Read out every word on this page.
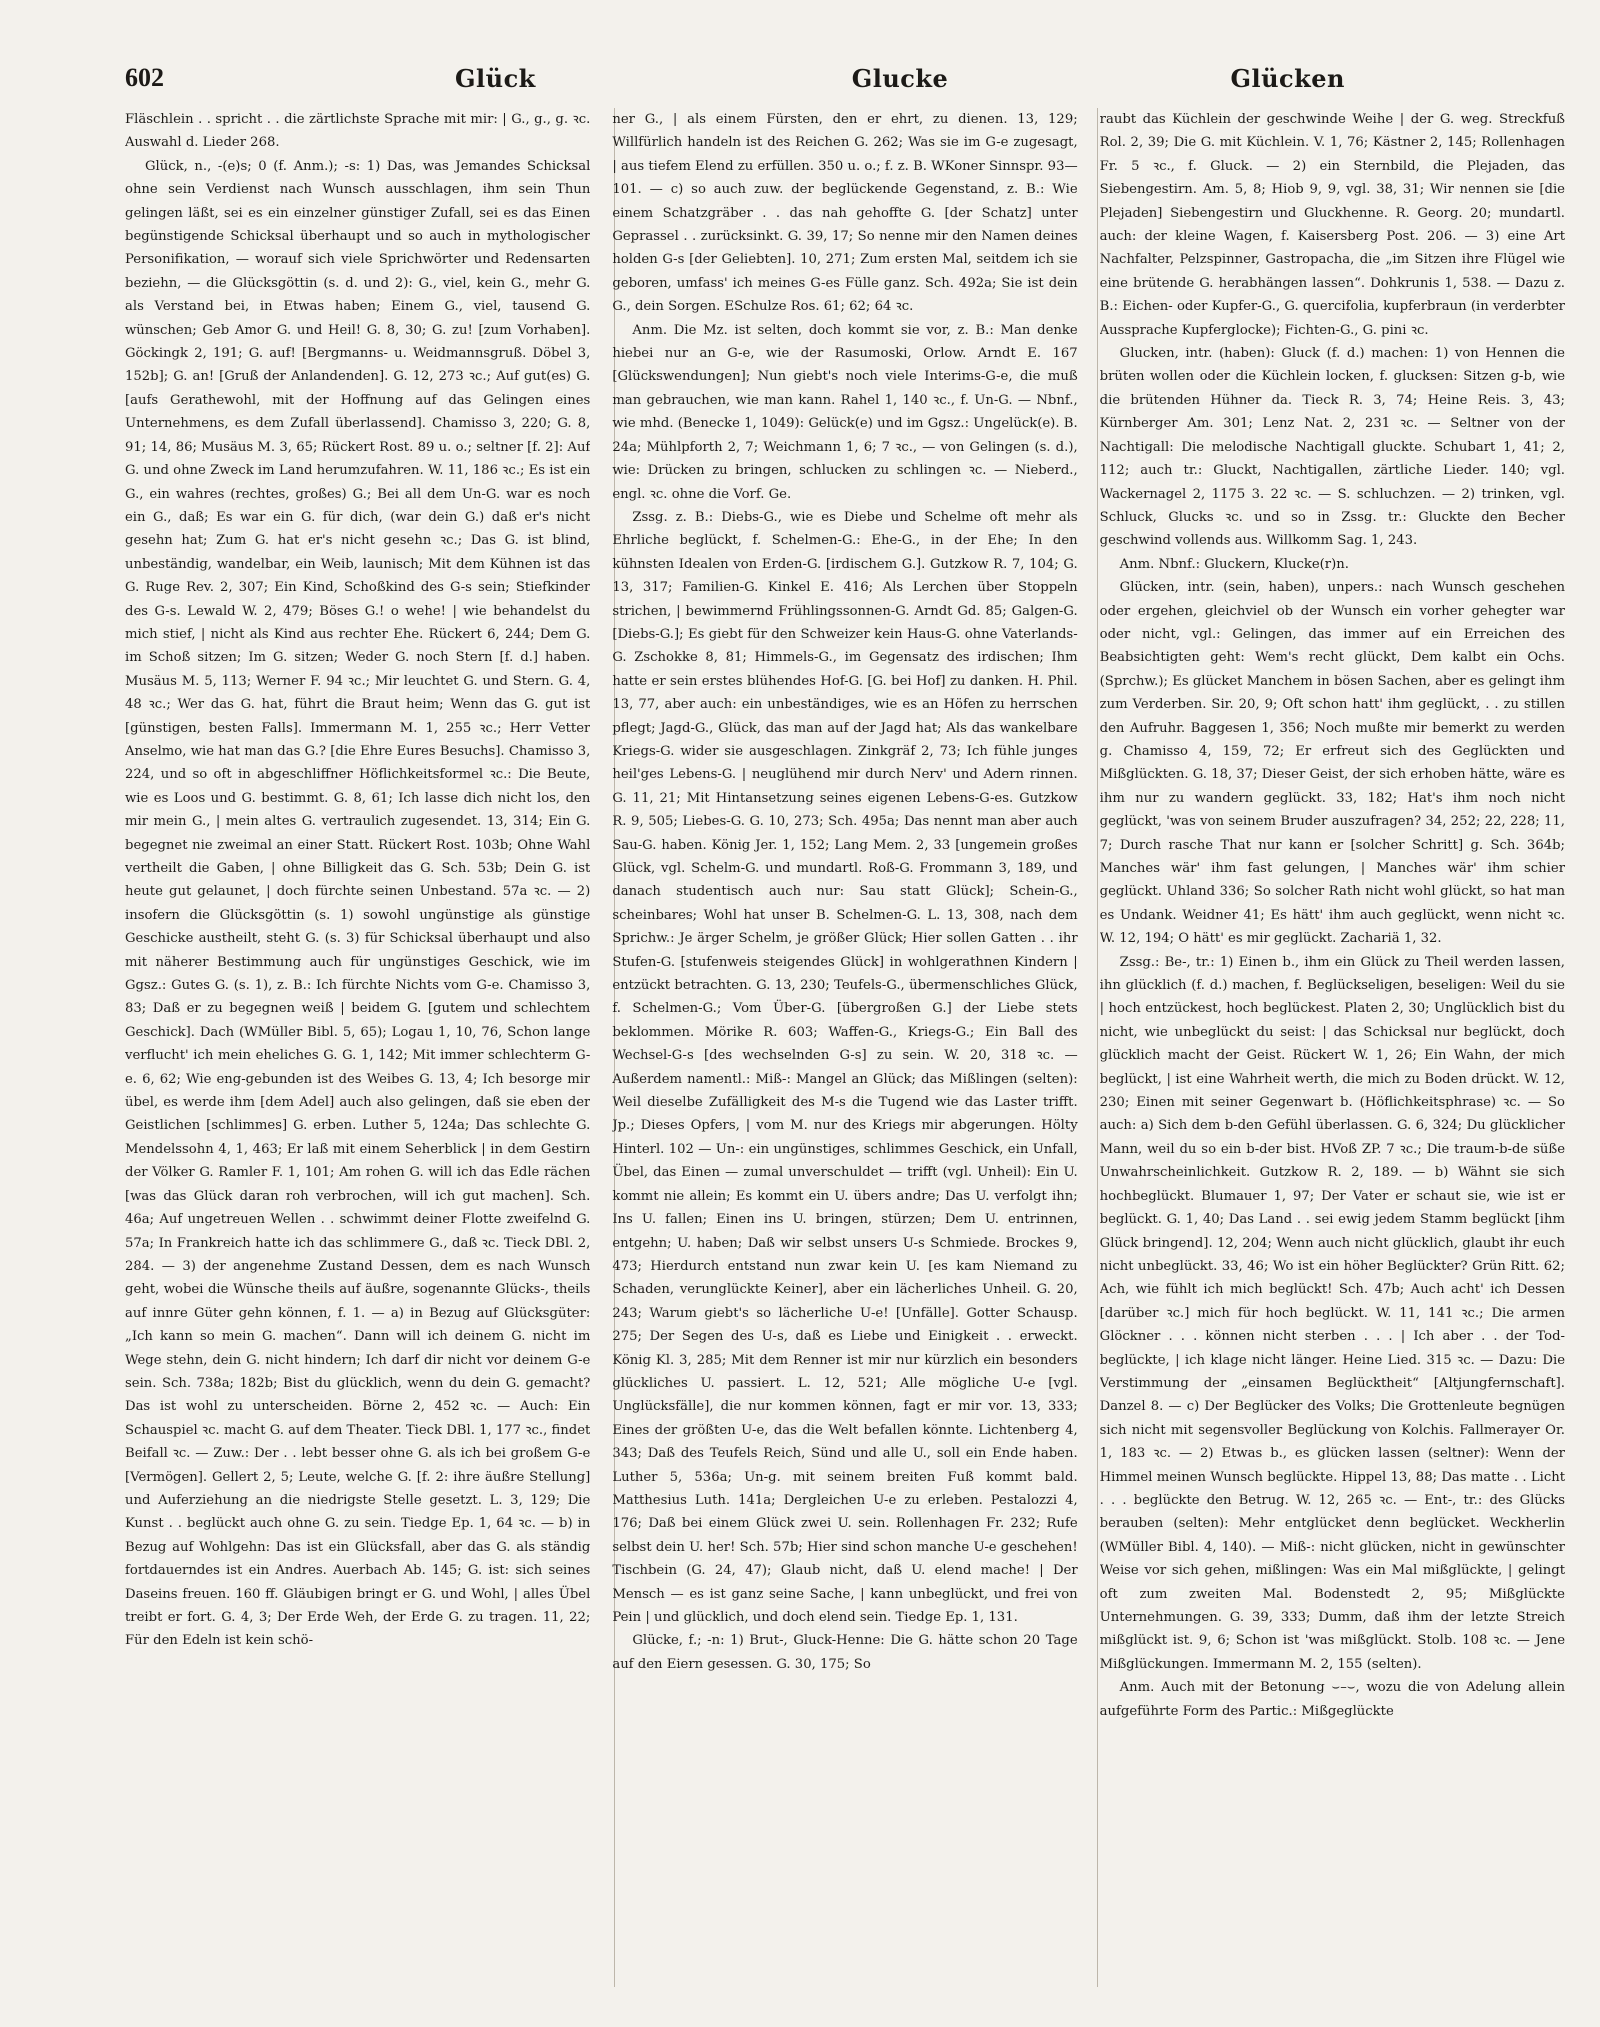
602	Glück	Glucke	Glücken

Fläschlein . . spricht . . die zärtlichste Sprache mit mir: | G., g., g. ꝛc. Auswahl d. Lieder 268.

Glück, n., -(e)s; 0 (f. Anm.); -s: 1) Das, was Jemandes Schicksal ohne sein Verdienst nach Wunsch ausschlagen, ihm sein Thun gelingen läßt, sei es ein einzelner günstiger Zufall, sei es das Einen begünstigende Schicksal überhaupt und so auch in mythologischer Personifikation, — worauf sich viele Sprichwörter und Redensarten beziehn, — die Glücksgöttin (s. d. und 2): G., viel, kein G., mehr G. als Verstand bei, in Etwas haben; Einem G., viel, tausend G. wünschen; Geb Amor G. und Heil! G. 8, 30; G. zu! [zum Vorhaben]. Göckingk 2, 191; G. auf! [Bergmanns- u. Weidmannsgruß. Döbel 3, 152b]; G. an! [Gruß der Anlandenden]. G. 12, 273 ꝛc.; Auf gut(es) G. [aufs Gerathewohl, mit der Hoffnung auf das Gelingen eines Unternehmens, es dem Zufall überlassend]. Chamisso 3, 220; G. 8, 91; 14, 86; Musäus M. 3, 65; Rückert Rost. 89 u. o.; seltner [f. 2]: Auf G. und ohne Zweck im Land herumzufahren. W. 11, 186 ꝛc.; Es ist ein G., ein wahres (rechtes, großes) G.; Bei all dem Un-G. war es noch ein G., daß; Es war ein G. für dich, (war dein G.) daß er's nicht gesehn hat; Zum G. hat er's nicht gesehn ꝛc.; Das G. ist blind, unbeständig, wandelbar, ein Weib, launisch; Mit dem Kühnen ist das G. Ruge Rev. 2, 307; Ein Kind, Schoßkind des G-s sein; Stiefkinder des G-s. Lewald W. 2, 479; Böses G.! o wehe! | wie behandelst du mich stief, | nicht als Kind aus rechter Ehe. Rückert 6, 244; Dem G. im Schoß sitzen; Im G. sitzen; Weder G. noch Stern [f. d.] haben. Musäus M. 5, 113; Werner F. 94 ꝛc.; Mir leuchtet G. und Stern. G. 4, 48 ꝛc.; Wer das G. hat, führt die Braut heim; Wenn das G. gut ist [günstigen, besten Falls]. Immermann M. 1, 255 ꝛc.; Herr Vetter Anselmo, wie hat man das G.? [die Ehre Eures Besuchs]. Chamisso 3, 224, und so oft in abgeschliffner Höflichkeitsformel ꝛc.: Die Beute, wie es Loos und G. bestimmt. G. 8, 61; Ich lasse dich nicht los, den mir mein G., | mein altes G. vertraulich zugesendet. 13, 314; Ein G. begegnet nie zweimal an einer Statt. Rückert Rost. 103b; Ohne Wahl vertheilt die Gaben, | ohne Billigkeit das G. Sch. 53b; Dein G. ist heute gut gelaunet, | doch fürchte seinen Unbestand. 57a ꝛc. — 2) insofern die Glücksgöttin (s. 1) sowohl ungünstige als günstige Geschicke austheilt, steht G. (s. 3) für Schicksal überhaupt und also mit näherer Bestimmung auch für ungünstiges Geschick, wie im Ggsz.: Gutes G. (s. 1), z. B.: Ich fürchte Nichts vom G-e. Chamisso 3, 83; Daß er zu begegnen weiß | beidem G. [gutem und schlechtem Geschick]. Dach (WMüller Bibl. 5, 65); Logau 1, 10, 76, Schon lange verflucht' ich mein eheliches G. G. 1, 142; Mit immer schlechterm G-e. 6, 62; Wie eng-gebunden ist des Weibes G. 13, 4; Ich besorge mir übel, es werde ihm [dem Adel] auch also gelingen, daß sie eben der Geistlichen [schlimmes] G. erben. Luther 5, 124a; Das schlechte G. Mendelssohn 4, 1, 463; Er laß mit einem Seherblick | in dem Gestirn der Völker G. Ramler F. 1, 101; Am rohen G. will ich das Edle rächen [was das Glück daran roh verbrochen, will ich gut machen]. Sch. 46a; Auf ungetreuen Wellen . . schwimmt deiner Flotte zweifelnd G. 57a; In Frankreich hatte ich das schlimmere G., daß ꝛc. Tieck DBl. 2, 284. — 3) der angenehme Zustand Dessen, dem es nach Wunsch geht, wobei die Wünsche theils auf äußre, sogenannte Glücks-, theils auf innre Güter gehn können, f. 1. — a) in Bezug auf Glücksgüter: „Ich kann so mein G. machen“. Dann will ich deinem G. nicht im Wege stehn, dein G. nicht hindern; Ich darf dir nicht vor deinem G-e sein. Sch. 738a; 182b; Bist du glücklich, wenn du dein G. gemacht? Das ist wohl zu unterscheiden. Börne 2, 452 ꝛc. — Auch: Ein Schauspiel ꝛc. macht G. auf dem Theater. Tieck DBl. 1, 177 ꝛc., findet Beifall ꝛc. — Zuw.: Der . . lebt besser ohne G. als ich bei großem G-e [Vermögen]. Gellert 2, 5; Leute, welche G. [f. 2: ihre äußre Stellung] und Auferziehung an die niedrigste Stelle gesetzt. L. 3, 129; Die Kunst . . beglückt auch ohne G. zu sein. Tiedge Ep. 1, 64 ꝛc. — b) in Bezug auf Wohlgehn: Das ist ein Glücksfall, aber das G. als ständig fortdauerndes ist ein Andres. Auerbach Ab. 145; G. ist: sich seines Daseins freuen. 160 ff. Gläubigen bringt er G. und Wohl, | alles Übel treibt er fort. G. 4, 3; Der Erde Weh, der Erde G. zu tragen. 11, 22; Für den Edeln ist kein schö-

ner G., | als einem Fürsten, den er ehrt, zu dienen. 13, 129; Willfürlich handeln ist des Reichen G. 262; Was sie im G-e zugesagt, | aus tiefem Elend zu erfüllen. 350 u. o.; f. z. B. WKoner Sinnspr. 93—101. — c) so auch zuw. der beglückende Gegenstand, z. B.: Wie einem Schatzgräber . . das nah gehoffte G. [der Schatz] unter Geprassel . . zurücksinkt. G. 39, 17; So nenne mir den Namen deines holden G-s [der Geliebten]. 10, 271; Zum ersten Mal, seitdem ich sie geboren, umfass' ich meines G-es Fülle ganz. Sch. 492a; Sie ist dein G., dein Sorgen. ESchulze Ros. 61; 62; 64 ꝛc.

Anm. Die Mz. ist selten, doch kommt sie vor, z. B.: Man denke hiebei nur an G-e, wie der Rasumoski, Orlow. Arndt E. 167 [Glückswendungen]; Nun giebt's noch viele Interims-G-e, die muß man gebrauchen, wie man kann. Rahel 1, 140 ꝛc., f. Un-G. — Nbnf., wie mhd. (Benecke 1, 1049): Gelück(e) und im Ggsz.: Ungelück(e). B. 24a; Mühlpforth 2, 7; Weichmann 1, 6; 7 ꝛc., — von Gelingen (s. d.), wie: Drücken zu bringen, schlucken zu schlingen ꝛc. — Nieberd., engl. ꝛc. ohne die Vorf. Ge.

Zssg. z. B.: Diebs-G., wie es Diebe und Schelme oft mehr als Ehrliche beglückt, f. Schelmen-G.: Ehe-G., in der Ehe; In den kühnsten Idealen von Erden-G. [irdischem G.]. Gutzkow R. 7, 104; G. 13, 317; Familien-G. Kinkel E. 416; Als Lerchen über Stoppeln strichen, | bewimmernd Frühlingssonnen-G. Arndt Gd. 85; Galgen-G. [Diebs-G.]; Es giebt für den Schweizer kein Haus-G. ohne Vaterlands-G. Zschokke 8, 81; Himmels-G., im Gegensatz des irdischen; Ihm hatte er sein erstes blühendes Hof-G. [G. bei Hof] zu danken. H. Phil. 13, 77, aber auch: ein unbeständiges, wie es an Höfen zu herrschen pflegt; Jagd-G., Glück, das man auf der Jagd hat; Als das wankelbare Kriegs-G. wider sie ausgeschlagen. Zinkgräf 2, 73; Ich fühle junges heil'ges Lebens-G. | neuglühend mir durch Nerv' und Adern rinnen. G. 11, 21; Mit Hintansetzung seines eigenen Lebens-G-es. Gutzkow R. 9, 505; Liebes-G. G. 10, 273; Sch. 495a; Das nennt man aber auch Sau-G. haben. König Jer. 1, 152; Lang Mem. 2, 33 [ungemein großes Glück, vgl. Schelm-G. und mundartl. Roß-G. Frommann 3, 189, und danach studentisch auch nur: Sau statt Glück]; Schein-G., scheinbares; Wohl hat unser B. Schelmen-G. L. 13, 308, nach dem Sprichw.: Je ärger Schelm, je größer Glück; Hier sollen Gatten . . ihr Stufen-G. [stufenweis steigendes Glück] in wohlgerathnen Kindern | entzückt betrachten. G. 13, 230; Teufels-G., übermenschliches Glück, f. Schelmen-G.; Vom Über-G. [übergroßen G.] der Liebe stets beklommen. Mörike R. 603; Waffen-G., Kriegs-G.; Ein Ball des Wechsel-G-s [des wechselnden G-s] zu sein. W. 20, 318 ꝛc. — Außerdem namentl.: Miß-: Mangel an Glück; das Mißlingen (selten): Weil dieselbe Zufälligkeit des M-s die Tugend wie das Laster trifft. Jp.; Dieses Opfers, | vom M. nur des Kriegs mir abgerungen. Hölty Hinterl. 102 — Un-: ein ungünstiges, schlimmes Geschick, ein Unfall, Übel, das Einen — zumal unverschuldet — trifft (vgl. Unheil): Ein U. kommt nie allein; Es kommt ein U. übers andre; Das U. verfolgt ihn; Ins U. fallen; Einen ins U. bringen, stürzen; Dem U. entrinnen, entgehn; U. haben; Daß wir selbst unsers U-s Schmiede. Brockes 9, 473; Hierdurch entstand nun zwar kein U. [es kam Niemand zu Schaden, verunglückte Keiner], aber ein lächerliches Unheil. G. 20, 243; Warum giebt's so lächerliche U-e! [Unfälle]. Gotter Schausp. 275; Der Segen des U-s, daß es Liebe und Einigkeit . . erweckt. König Kl. 3, 285; Mit dem Renner ist mir nur kürzlich ein besonders glückliches U. passiert. L. 12, 521; Alle mögliche U-e [vgl. Unglücksfälle], die nur kommen können, fagt er mir vor. 13, 333; Eines der größten U-e, das die Welt befallen könnte. Lichtenberg 4, 343; Daß des Teufels Reich, Sünd und alle U., soll ein Ende haben. Luther 5, 536a; Un-g. mit seinem breiten Fuß kommt bald. Matthesius Luth. 141a; Dergleichen U-e zu erleben. Pestalozzi 4, 176; Daß bei einem Glück zwei U. sein. Rollenhagen Fr. 232; Rufe selbst dein U. her! Sch. 57b; Hier sind schon manche U-e geschehen! Tischbein (G. 24, 47); Glaub nicht, daß U. elend mache! | Der Mensch — es ist ganz seine Sache, | kann unbeglückt, und frei von Pein | und glücklich, und doch elend sein. Tiedge Ep. 1, 131.

Glücke, f.; -n: 1) Brut-, Gluck-Henne: Die G. hätte schon 20 Tage auf den Eiern gesessen. G. 30, 175; So

raubt das Küchlein der geschwinde Weihe | der G. weg. Streckfuß Rol. 2, 39; Die G. mit Küchlein. V. 1, 76; Kästner 2, 145; Rollenhagen Fr. 5 ꝛc., f. Gluck. — 2) ein Sternbild, die Plejaden, das Siebengestirn. Am. 5, 8; Hiob 9, 9, vgl. 38, 31; Wir nennen sie [die Plejaden] Siebengestirn und Gluckhenne. R. Georg. 20; mundartl. auch: der kleine Wagen, f. Kaisersberg Post. 206. — 3) eine Art Nachfalter, Pelzspinner, Gastropacha, die „im Sitzen ihre Flügel wie eine brütende G. herabhängen lassen“. Dohkrunis 1, 538. — Dazu z. B.: Eichen- oder Kupfer-G., G. quercifolia, kupferbraun (in verderbter Aussprache Kupferglocke); Fichten-G., G. pini ꝛc.

Glucken, intr. (haben): Gluck (f. d.) machen: 1) von Hennen die brüten wollen oder die Küchlein locken, f. glucksen: Sitzen g-b, wie die brütenden Hühner da. Tieck R. 3, 74; Heine Reis. 3, 43; Kürnberger Am. 301; Lenz Nat. 2, 231 ꝛc. — Seltner von der Nachtigall: Die melodische Nachtigall gluckte. Schubart 1, 41; 2, 112; auch tr.: Gluckt, Nachtigallen, zärtliche Lieder. 140; vgl. Wackernagel 2, 1175 3. 22 ꝛc. — S. schluchzen. — 2) trinken, vgl. Schluck, Glucks ꝛc. und so in Zssg. tr.: Gluckte den Becher geschwind vollends aus. Willkomm Sag. 1, 243.

Anm. Nbnf.: Gluckern, Klucke(r)n.

Glücken, intr. (sein, haben), unpers.: nach Wunsch geschehen oder ergehen, gleichviel ob der Wunsch ein vorher gehegter war oder nicht, vgl.: Gelingen, das immer auf ein Erreichen des Beabsichtigten geht: Wem's recht glückt, Dem kalbt ein Ochs. (Sprchw.); Es glücket Manchem in bösen Sachen, aber es gelingt ihm zum Verderben. Sir. 20, 9; Oft schon hatt' ihm geglückt, . . zu stillen den Aufruhr. Baggesen 1, 356; Noch mußte mir bemerkt zu werden g. Chamisso 4, 159, 72; Er erfreut sich des Geglückten und Mißglückten. G. 18, 37; Dieser Geist, der sich erhoben hätte, wäre es ihm nur zu wandern geglückt. 33, 182; Hat's ihm noch nicht geglückt, 'was von seinem Bruder auszufragen? 34, 252; 22, 228; 11, 7; Durch rasche That nur kann er [solcher Schritt] g. Sch. 364b; Manches wär' ihm fast gelungen, | Manches wär' ihm schier geglückt. Uhland 336; So solcher Rath nicht wohl glückt, so hat man es Undank. Weidner 41; Es hätt' ihm auch geglückt, wenn nicht ꝛc. W. 12, 194; O hätt' es mir geglückt. Zachariä 1, 32.

Zssg.: Be-, tr.: 1) Einen b., ihm ein Glück zu Theil werden lassen, ihn glücklich (f. d.) machen, f. Beglückseligen, beseligen: Weil du sie | hoch entzückest, hoch beglückest. Platen 2, 30; Unglücklich bist du nicht, wie unbeglückt du seist: | das Schicksal nur beglückt, doch glücklich macht der Geist. Rückert W. 1, 26; Ein Wahn, der mich beglückt, | ist eine Wahrheit werth, die mich zu Boden drückt. W. 12, 230; Einen mit seiner Gegenwart b. (Höflichkeitsphrase) ꝛc. — So auch: a) Sich dem b-den Gefühl überlassen. G. 6, 324; Du glücklicher Mann, weil du so ein b-der bist. HVoß ZP. 7 ꝛc.; Die traum-b-de süße Unwahrscheinlichkeit. Gutzkow R. 2, 189. — b) Wähnt sie sich hochbeglückt. Blumauer 1, 97; Der Vater er schaut sie, wie ist er beglückt. G. 1, 40; Das Land . . sei ewig jedem Stamm beglückt [ihm Glück bringend]. 12, 204; Wenn auch nicht glücklich, glaubt ihr euch nicht unbeglückt. 33, 46; Wo ist ein höher Beglückter? Grün Ritt. 62; Ach, wie fühlt ich mich beglückt! Sch. 47b; Auch acht' ich Dessen [darüber ꝛc.] mich für hoch beglückt. W. 11, 141 ꝛc.; Die armen Glöckner . . . können nicht sterben . . . | Ich aber . . der Tod-beglückte, | ich klage nicht länger. Heine Lied. 315 ꝛc. — Dazu: Die Verstimmung der „einsamen Beglücktheit“ [Altjungfernschaft]. Danzel 8. — c) Der Beglücker des Volks; Die Grottenleute begnügen sich nicht mit segensvoller Beglückung von Kolchis. Fallmerayer Or. 1, 183 ꝛc. — 2) Etwas b., es glücken lassen (seltner): Wenn der Himmel meinen Wunsch beglückte. Hippel 13, 88; Das matte . . Licht . . . beglückte den Betrug. W. 12, 265 ꝛc. — Ent-, tr.: des Glücks berauben (selten): Mehr entglücket denn beglücket. Weckherlin (WMüller Bibl. 4, 140). — Miß-: nicht glücken, nicht in gewünschter Weise vor sich gehen, mißlingen: Was ein Mal mißglückte, | gelingt oft zum zweiten Mal. Bodenstedt 2, 95; Mißglückte Unternehmungen. G. 39, 333; Dumm, daß ihm der letzte Streich mißglückt ist. 9, 6; Schon ist 'was mißglückt. Stolb. 108 ꝛc. — Jene Mißglückungen. Immermann M. 2, 155 (selten).

Anm. Auch mit der Betonung ⌣–⌣, wozu die von Adelung allein aufgeführte Form des Partic.: Mißgeglückte
